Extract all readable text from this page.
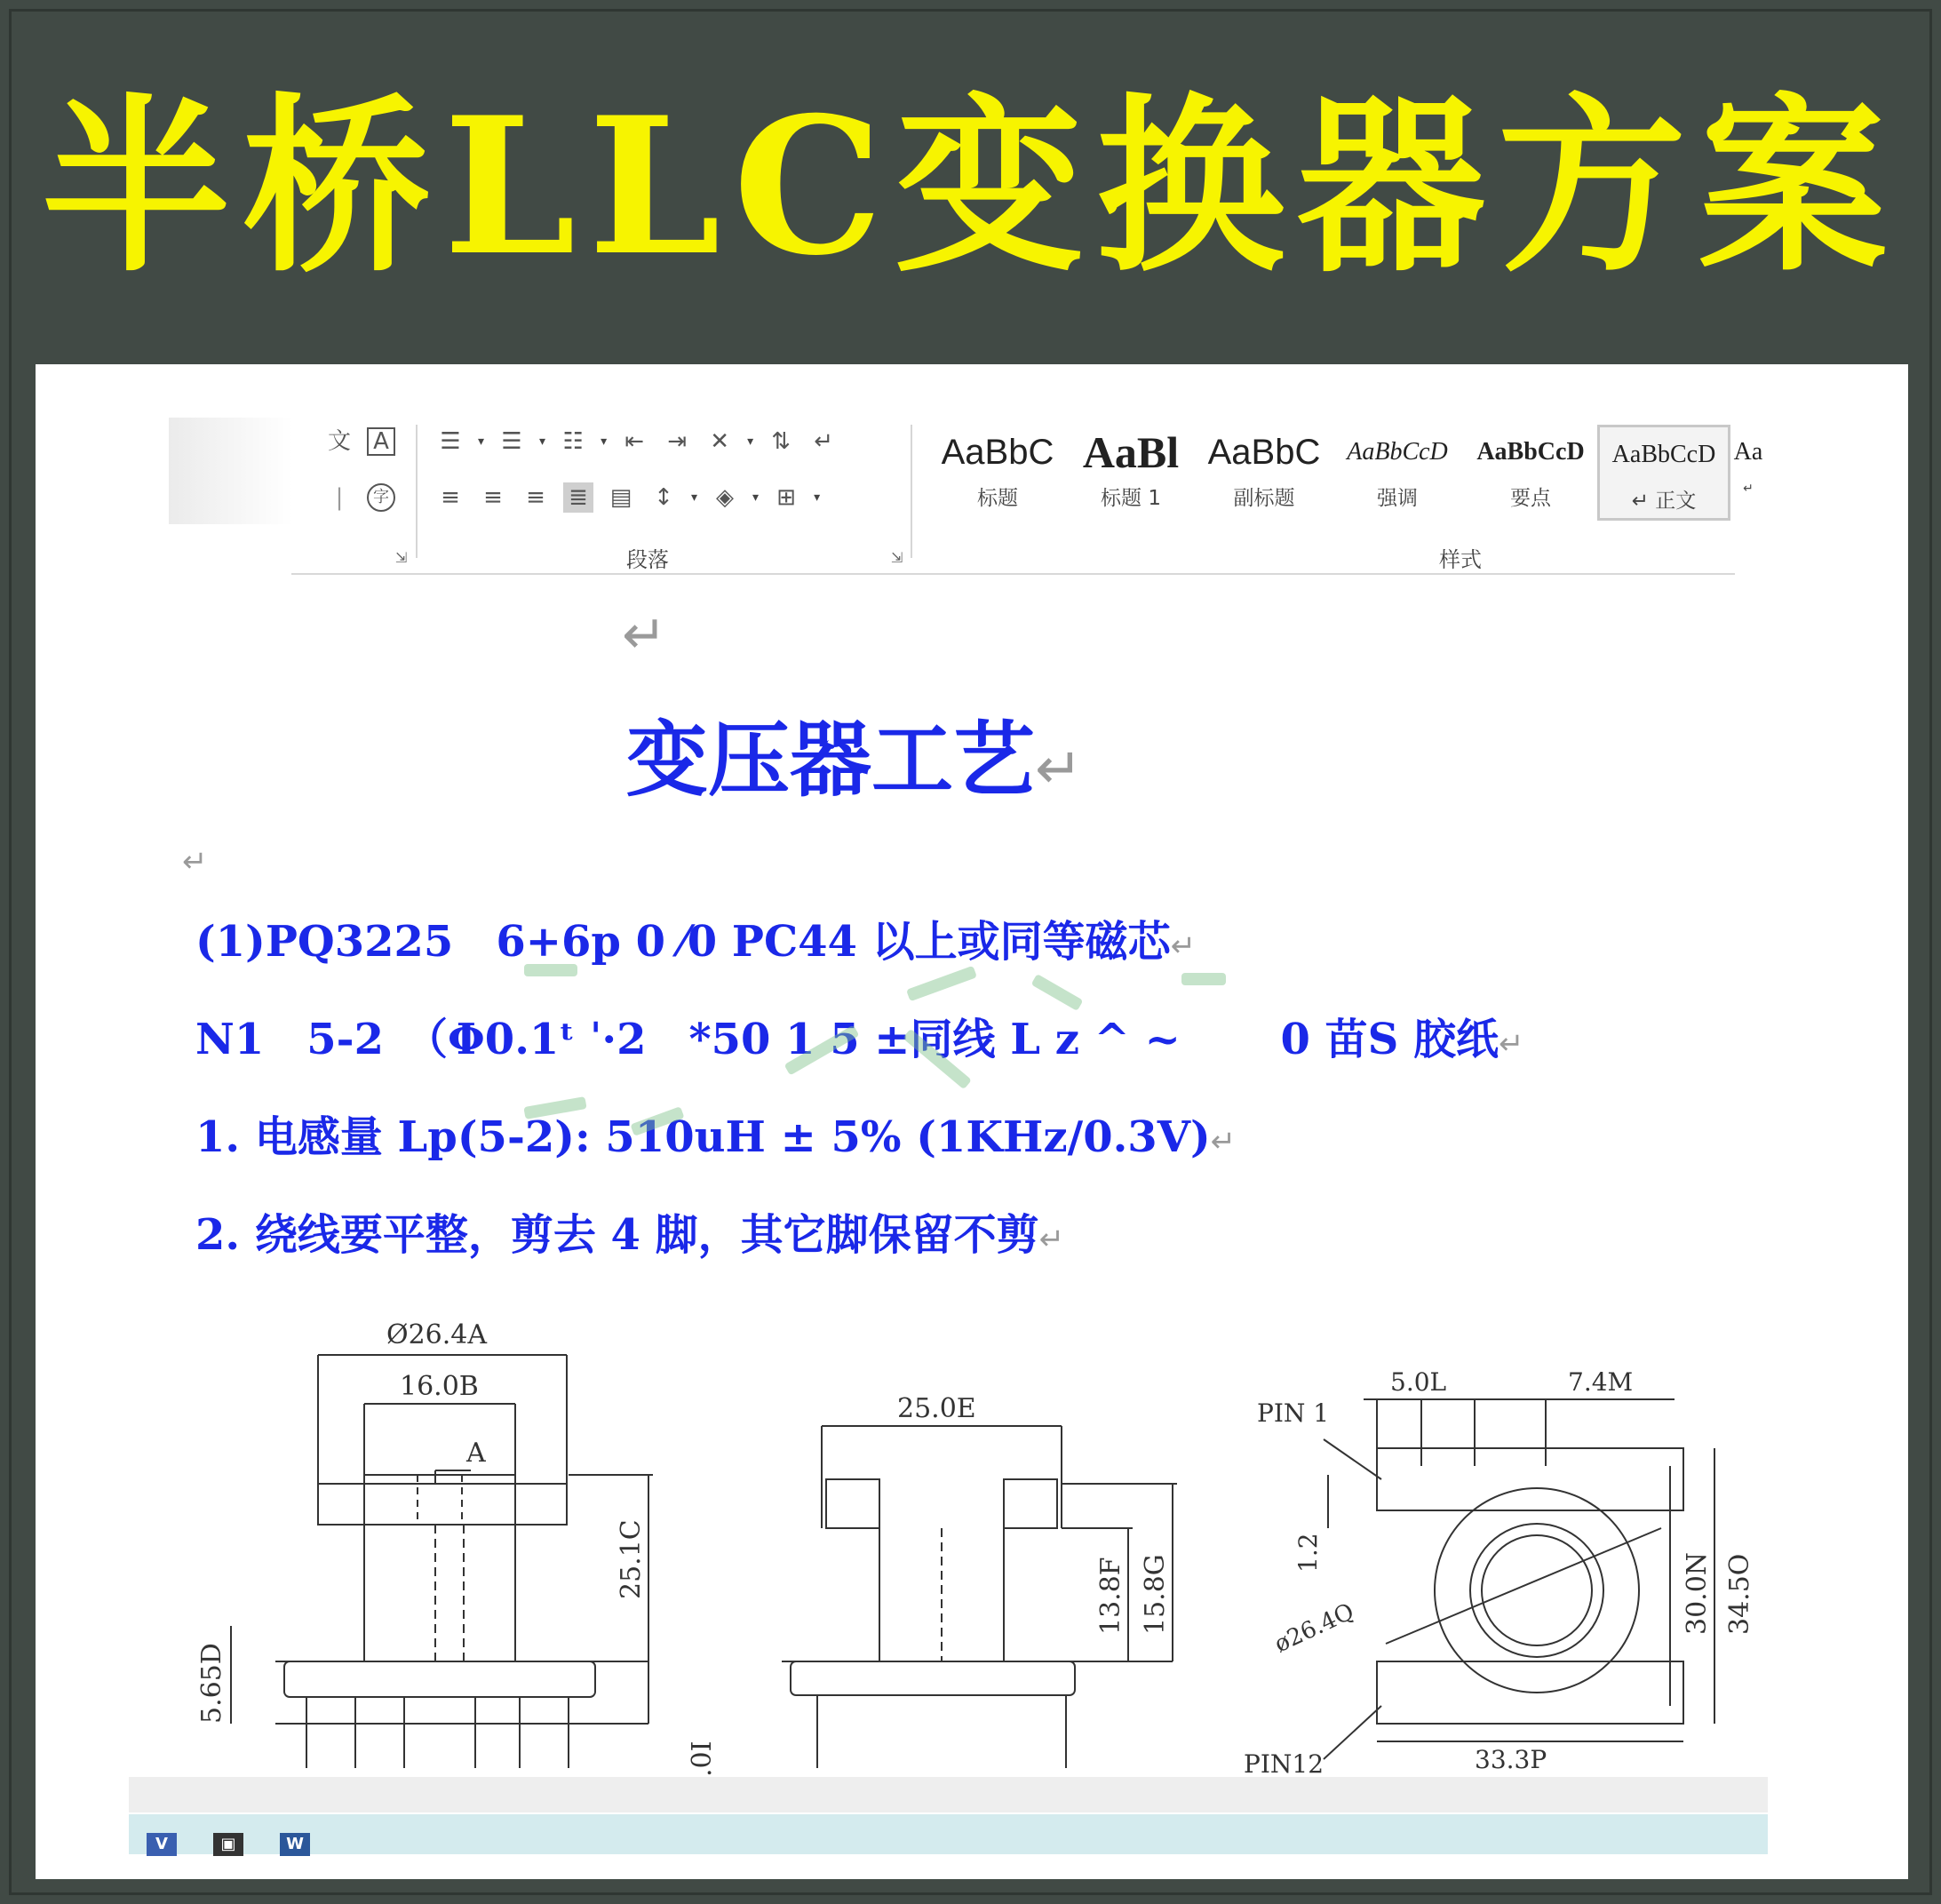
半桥LLC变换器方案
文 A
|	字
☰	▾ ☰	▾ ☷	▾ ⇤ ⇥ ✕	▾ ⇅ ↵
≡ ≡ ≡ ≣ ▤ ↕	▾ ◈	▾ ⊞	▾
⇲	段落	⇲
AaBbC
标题
AaBl
标题 1
AaBbC
副标题
AaBbCcD
强调
AaBbCcD
要点
AaBbCcD
↵ 正文
Aa
↵
样式
↵
变压器工艺↵
↵
(1)PQ3225　6+6p 0 ⁄0 PC44 以上或同等磁芯↵
N1　5-2　（Φ0.1ᵗ ˈ·2　*50 1 5 ±同线 L z ^ ~　　 0 苗S 胶纸↵
1. 电感量 Lp(5-2): 510uH ± 5% (1KHz/0.3V)↵
2. 绕线要平整，剪去 4 脚，其它脚保留不剪↵
Ø26.4A
16.0B
A
25.1C
5.65D
25.0E
13.8F 15.8G
.0I
5.0L	7.4M
PIN 1
PIN12
1.2
ø26.4Q	30.0N 34.5O
33.3P
V	▣	W
